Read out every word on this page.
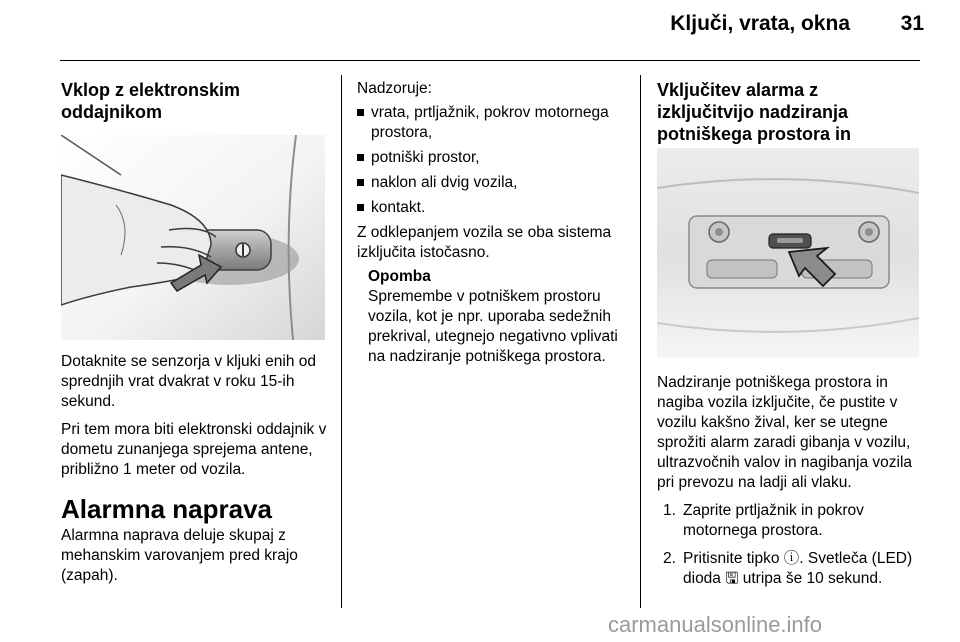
Ključi, vrata, okna	31
Vklop z elektronskim oddajnikom

Dotaknite se senzorja v kljuki enih od sprednjih vrat dvakrat v roku 15-ih sekund.

Pri tem mora biti elektronski oddajnik v dometu zunanjega sprejema antene, približno 1 meter od vozila.

Alarmna naprava

Alarmna naprava deluje skupaj z mehanskim varovanjem pred krajo (zapah).

Nadzoruje:

vrata, prtljažnik, pokrov motornega prostora,
potniški prostor,
naklon ali dvig vozila,
kontakt.

Z odklepanjem vozila se oba sistema izključita istočasno.

Opomba

Spremembe v potniškem prostoru vozila, kot je npr. uporaba sedežnih prekrival, utegnejo negativno vplivati na nadziranje potniškega prostora.

Vključitev alarma z izključitvijo nadziranja potniškega prostora in

Nadziranje potniškega prostora in nagiba vozila izključite, če pustite v vozilu kakšno žival, ker se utegne sprožiti alarm zaradi gibanja v vozilu, ultrazvočnih valov in nagibanja vozila pri prevozu na ladji ali vlaku.

1. Zaprite prtljažnik in pokrov motornega prostora.
2. Pritisnite tipko ⓘ. Svetleča (LED) dioda 🖫 utripa še 10 sekund.
carmanualsonline.info
